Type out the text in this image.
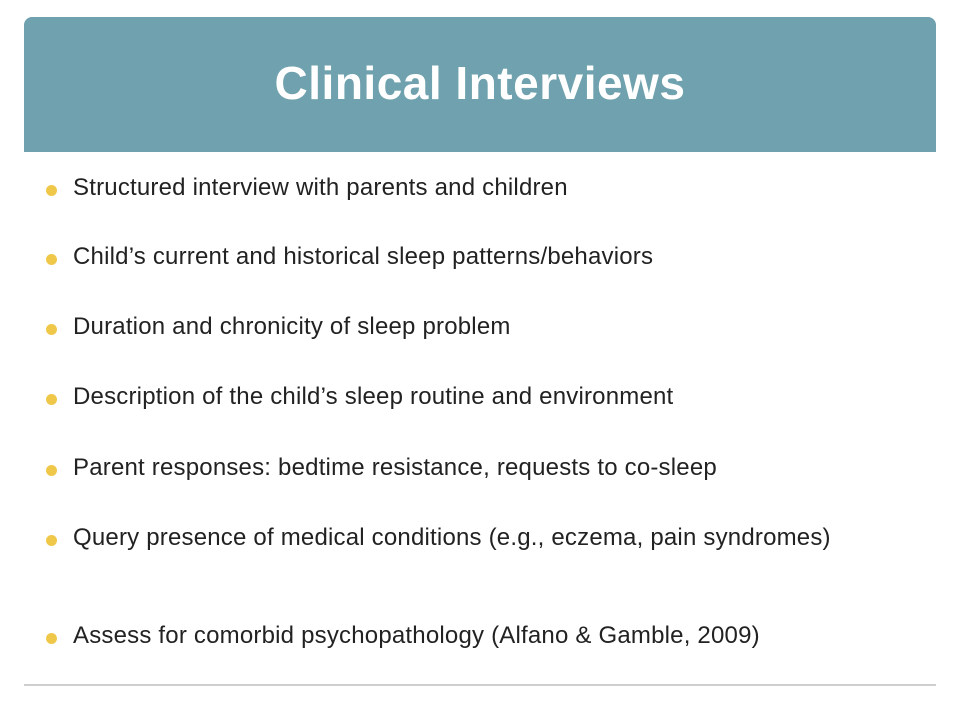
Clinical Interviews
Structured interview with parents and children
Child’s current and historical sleep patterns/behaviors
Duration and chronicity of sleep problem
Description of the child’s sleep routine and environment
Parent responses: bedtime resistance, requests to co-sleep
Query presence of medical conditions (e.g., eczema, pain syndromes)
Assess for comorbid psychopathology (Alfano & Gamble, 2009)
